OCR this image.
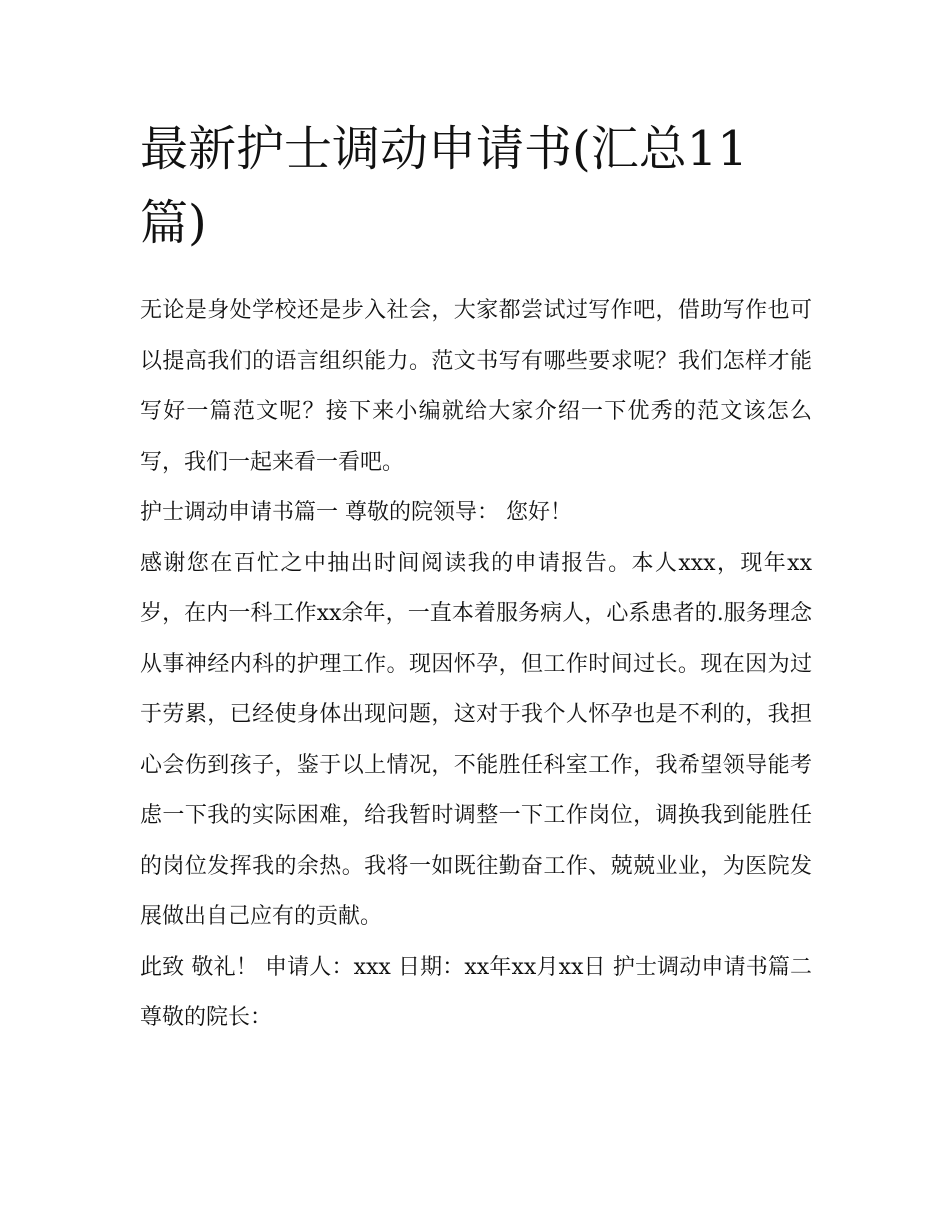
最新护士调动申请书(汇总11篇)

无论是身处学校还是步入社会，大家都尝试过写作吧，借助写作也可以提高我们的语言组织能力。范文书写有哪些要求呢？我们怎样才能写好一篇范文呢？接下来小编就给大家介绍一下优秀的范文该怎么写，我们一起来看一看吧。

护士调动申请书篇一 尊敬的院领导： 您好！

感谢您在百忙之中抽出时间阅读我的申请报告。本人xxx，现年xx岁，在内一科工作xx余年，一直本着服务病人，心系患者的.服务理念从事神经内科的护理工作。现因怀孕，但工作时间过长。现在因为过于劳累，已经使身体出现问题，这对于我个人怀孕也是不利的，我担心会伤到孩子，鉴于以上情况，不能胜任科室工作，我希望领导能考虑一下我的实际困难，给我暂时调整一下工作岗位，调换我到能胜任的岗位发挥我的余热。我将一如既往勤奋工作、兢兢业业，为医院发展做出自己应有的贡献。

此致 敬礼！ 申请人：xxx 日期：xx年xx月xx日 护士调动申请书篇二 尊敬的院长：
